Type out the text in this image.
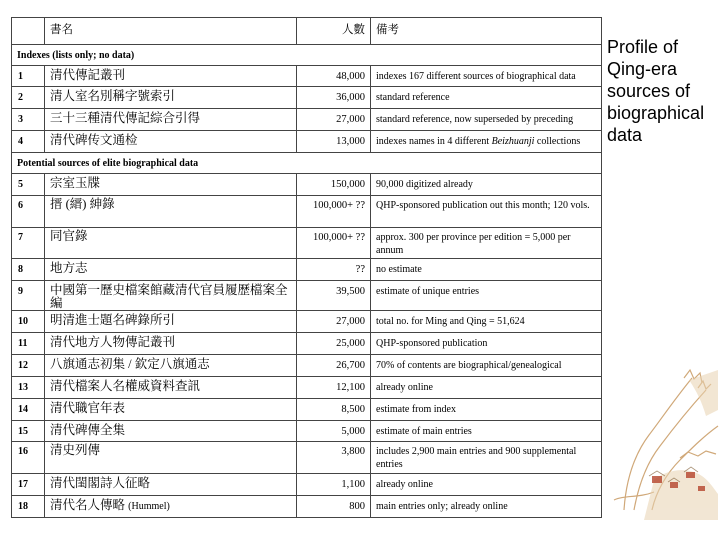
	書名	人數	備考
Indexes (lists only; no data)			
1	清代傳記叢刊	48,000	indexes 167 different sources of biographical data
2	清人室名別稱字號索引	36,000	standard reference
3	三十三種清代傳記綜合引得	27,000	standard reference, now superseded by preceding
4	清代碑传文通检	13,000	indexes names in 4 different Beizhuanji collections
Potential sources of elite biographical data			
5	宗室玉牒	150,000	90,000 digitized already
6	搢 (縉) 紳錄	100,000+ ??	QHP-sponsored publication out this month; 120 vols.
7	同官錄	100,000+ ??	approx. 300 per province per edition = 5,000 per annum
8	地方志	??	no estimate
9	中國第一歷史檔案館藏清代官員履歷檔案全編	39,500	estimate of unique entries
10	明清進士題名碑錄所引	27,000	total no. for Ming and Qing = 51,624
11	清代地方人物傳記叢刊	25,000	QHP-sponsored publication
12	八旗通志初集 / 欽定八旗通志	26,700	70% of contents are biographical/genealogical
13	清代檔案人名權威資料查訊	12,100	already online
14	清代職官年表	8,500	estimate from index
15	清代碑傳全集	5,000	estimate of main entries
16	清史列傳	3,800	includes 2,900 main entries and 900 supplemental entries
17	清代閨閣詩人征略	1,100	already online
18	清代名人傳略 (Hummel)	800	main entries only; already online
Profile of Qing-era sources of biographical data
